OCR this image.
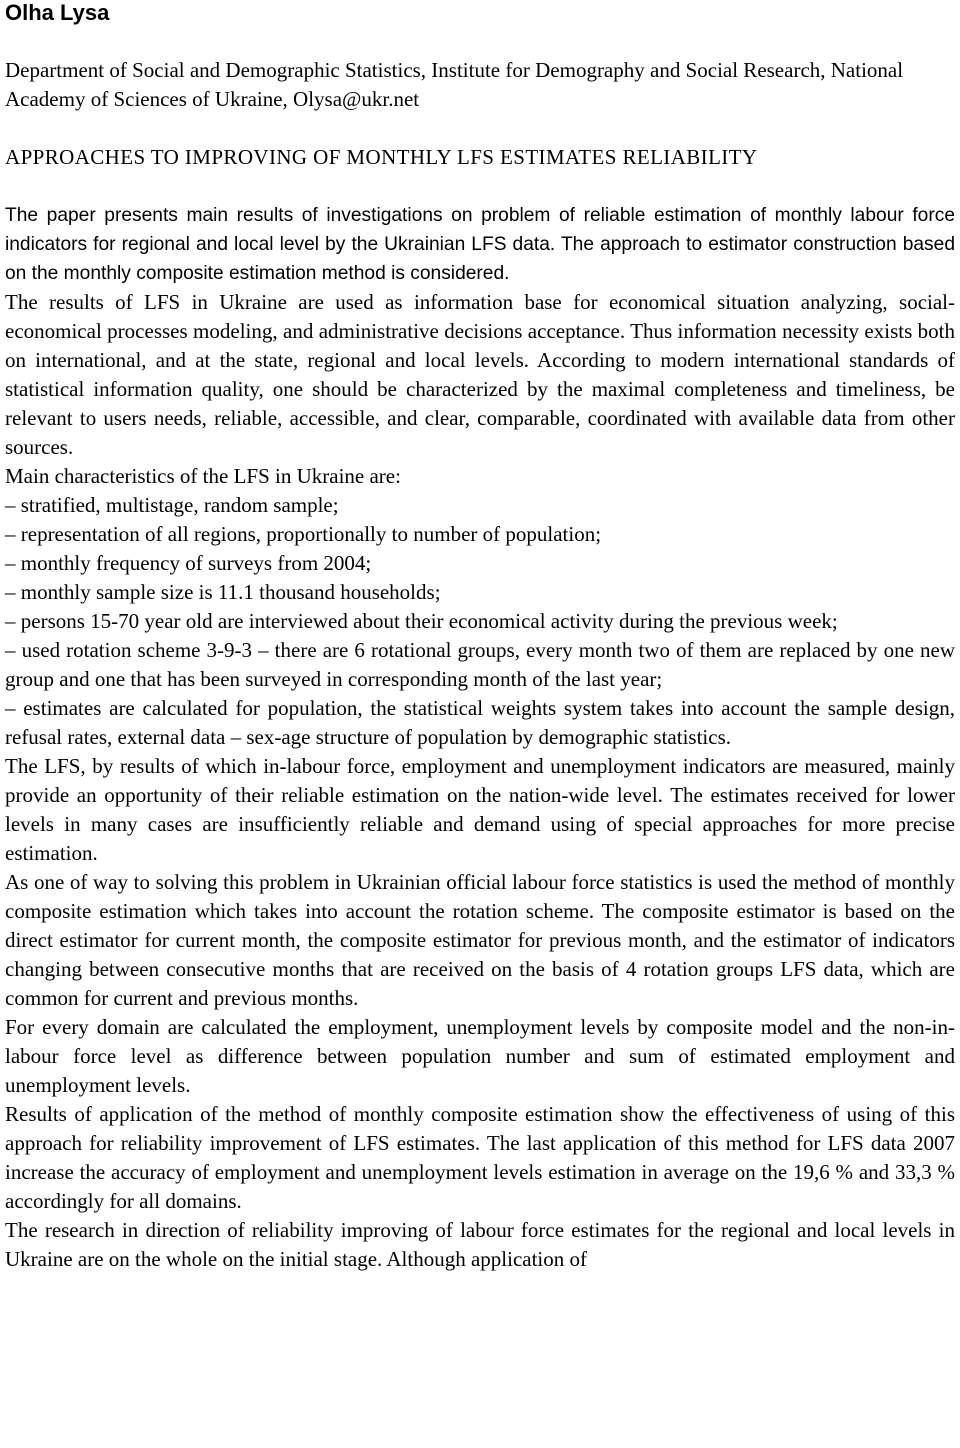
Olha Lysa

Department of Social and Demographic Statistics, Institute for Demography and Social Research, National Academy of Sciences of Ukraine, Olysa@ukr.net

APPROACHES TO IMPROVING OF MONTHLY LFS ESTIMATES RELIABILITY

The paper presents main results of investigations on problem of reliable estimation of monthly labour force indicators for regional and local level by the Ukrainian LFS data. The approach to estimator construction based on the monthly composite estimation method is considered.

The results of LFS in Ukraine are used as information base for economical situation analyzing, social-economical processes modeling, and administrative decisions acceptance. Thus information necessity exists both on international, and at the state, regional and local levels. According to modern international standards of statistical information quality, one should be characterized by the maximal completeness and timeliness, be relevant to users needs, reliable, accessible, and clear, comparable, coordinated with available data from other sources.

Main characteristics of the LFS in Ukraine are:

– stratified, multistage, random sample;
– representation of all regions, proportionally to number of population;
– monthly frequency of surveys from 2004;
– monthly sample size is 11.1 thousand households;
– persons 15-70 year old are interviewed about their economical activity during the previous week;
– used rotation scheme 3-9-3 – there are 6 rotational groups, every month two of them are replaced by one new group and one that has been surveyed in corresponding month of the last year;
– estimates are calculated for population, the statistical weights system takes into account the sample design, refusal rates, external data – sex-age structure of population by demographic statistics.

The LFS, by results of which in-labour force, employment and unemployment indicators are measured, mainly provide an opportunity of their reliable estimation on the nation-wide level. The estimates received for lower levels in many cases are insufficiently reliable and demand using of special approaches for more precise estimation.

As one of way to solving this problem in Ukrainian official labour force statistics is used the method of monthly composite estimation which takes into account the rotation scheme. The composite estimator is based on the direct estimator for current month, the composite estimator for previous month, and the estimator of indicators changing between consecutive months that are received on the basis of 4 rotation groups LFS data, which are common for current and previous months.

For every domain are calculated the employment, unemployment levels by composite model and the non-in-labour force level as difference between population number and sum of estimated employment and unemployment levels.

Results of application of the method of monthly composite estimation show the effectiveness of using of this approach for reliability improvement of LFS estimates. The last application of this method for LFS data 2007 increase the accuracy of employment and unemployment levels estimation in average on the 19,6 % and 33,3 % accordingly for all domains.

The research in direction of reliability improving of labour force estimates for the regional and local levels in Ukraine are on the whole on the initial stage. Although application of
